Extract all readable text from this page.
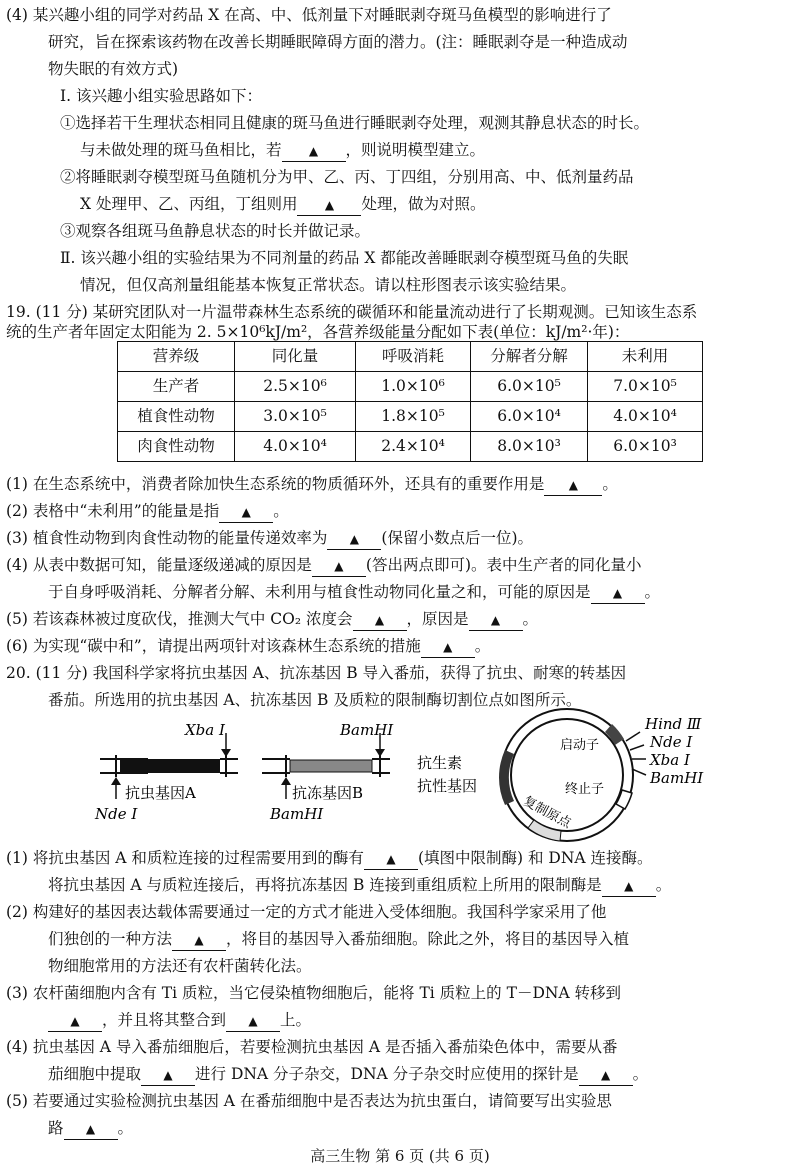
(4) 某兴趣小组的同学对药品 X 在高、中、低剂量下对睡眠剥夺斑马鱼模型的影响进行了
研究，旨在探索该药物在改善长期睡眠障碍方面的潜力。(注：睡眠剥夺是一种造成动
物失眠的有效方式)
Ⅰ. 该兴趣小组实验思路如下：
①选择若干生理状态相同且健康的斑马鱼进行睡眠剥夺处理，观测其静息状态的时长。
与未做处理的斑马鱼相比，若 ▲ ，则说明模型建立。
②将睡眠剥夺模型斑马鱼随机分为甲、乙、丙、丁四组，分别用高、中、低剂量药品
X 处理甲、乙、丙组，丁组则用 ▲ 处理，做为对照。
③观察各组斑马鱼静息状态的时长并做记录。
Ⅱ. 该兴趣小组的实验结果为不同剂量的药品 X 都能改善睡眠剥夺模型斑马鱼的失眠
情况，但仅高剂量组能基本恢复正常状态。请以柱形图表示该实验结果。
19. (11 分) 某研究团队对一片温带森林生态系统的碳循环和能量流动进行了长期观测。已知该生态系
统的生产者年固定太阳能为 2. 5×10⁶kJ/m²，各营养级能量分配如下表(单位：kJ/m²·年)：
营养级	同化量	呼吸消耗	分解者分解	未利用
生产者	2.5×10⁶	1.0×10⁶	6.0×10⁵	7.0×10⁵
植食性动物	3.0×10⁵	1.8×10⁵	6.0×10⁴	4.0×10⁴
肉食性动物	4.0×10⁴	2.4×10⁴	8.0×10³	6.0×10³
(1) 在生态系统中，消费者除加快生态系统的物质循环外，还具有的重要作用是 ▲ 。
(2) 表格中“未利用”的能量是指 ▲ 。
(3) 植食性动物到肉食性动物的能量传递效率为 ▲ (保留小数点后一位)。
(4) 从表中数据可知，能量逐级递减的原因是 ▲ (答出两点即可)。表中生产者的同化量小
于自身呼吸消耗、分解者分解、未利用与植食性动物同化量之和，可能的原因是 ▲ 。
(5) 若该森林被过度砍伐，推测大气中 CO₂ 浓度会 ▲ ，原因是 ▲ 。
(6) 为实现“碳中和”，请提出两项针对该森林生态系统的措施 ▲ 。
20. (11 分) 我国科学家将抗虫基因 A、抗冻基因 B 导入番茄，获得了抗虫、耐寒的转基因
番茄。所选用的抗虫基因 A、抗冻基因 B 及质粒的限制酶切割位点如图所示。
Xba Ⅰ
Nde Ⅰ
抗虫基因A
BamHⅠ
BamHⅠ
抗冻基因B
Hind Ⅲ
Nde Ⅰ
Xba Ⅰ
BamHⅠ
启动子
终止子
复制原点
抗生素
抗性基因
(1) 将抗虫基因 A 和质粒连接的过程需要用到的酶有 ▲ (填图中限制酶) 和 DNA 连接酶。
将抗虫基因 A 与质粒连接后，再将抗冻基因 B 连接到重组质粒上所用的限制酶是 ▲ 。
(2) 构建好的基因表达载体需要通过一定的方式才能进入受体细胞。我国科学家采用了他
们独创的一种方法 ▲ ，将目的基因导入番茄细胞。除此之外，将目的基因导入植
物细胞常用的方法还有农杆菌转化法。
(3) 农杆菌细胞内含有 Ti 质粒，当它侵染植物细胞后，能将 Ti 质粒上的 T－DNA 转移到
▲ ，并且将其整合到 ▲ 上。
(4) 抗虫基因 A 导入番茄细胞后，若要检测抗虫基因 A 是否插入番茄染色体中，需要从番
茄细胞中提取 ▲ 进行 DNA 分子杂交，DNA 分子杂交时应使用的探针是 ▲ 。
(5) 若要通过实验检测抗虫基因 A 在番茄细胞中是否表达为抗虫蛋白，请简要写出实验思
路 ▲ 。
高三生物 第 6 页 (共 6 页)
